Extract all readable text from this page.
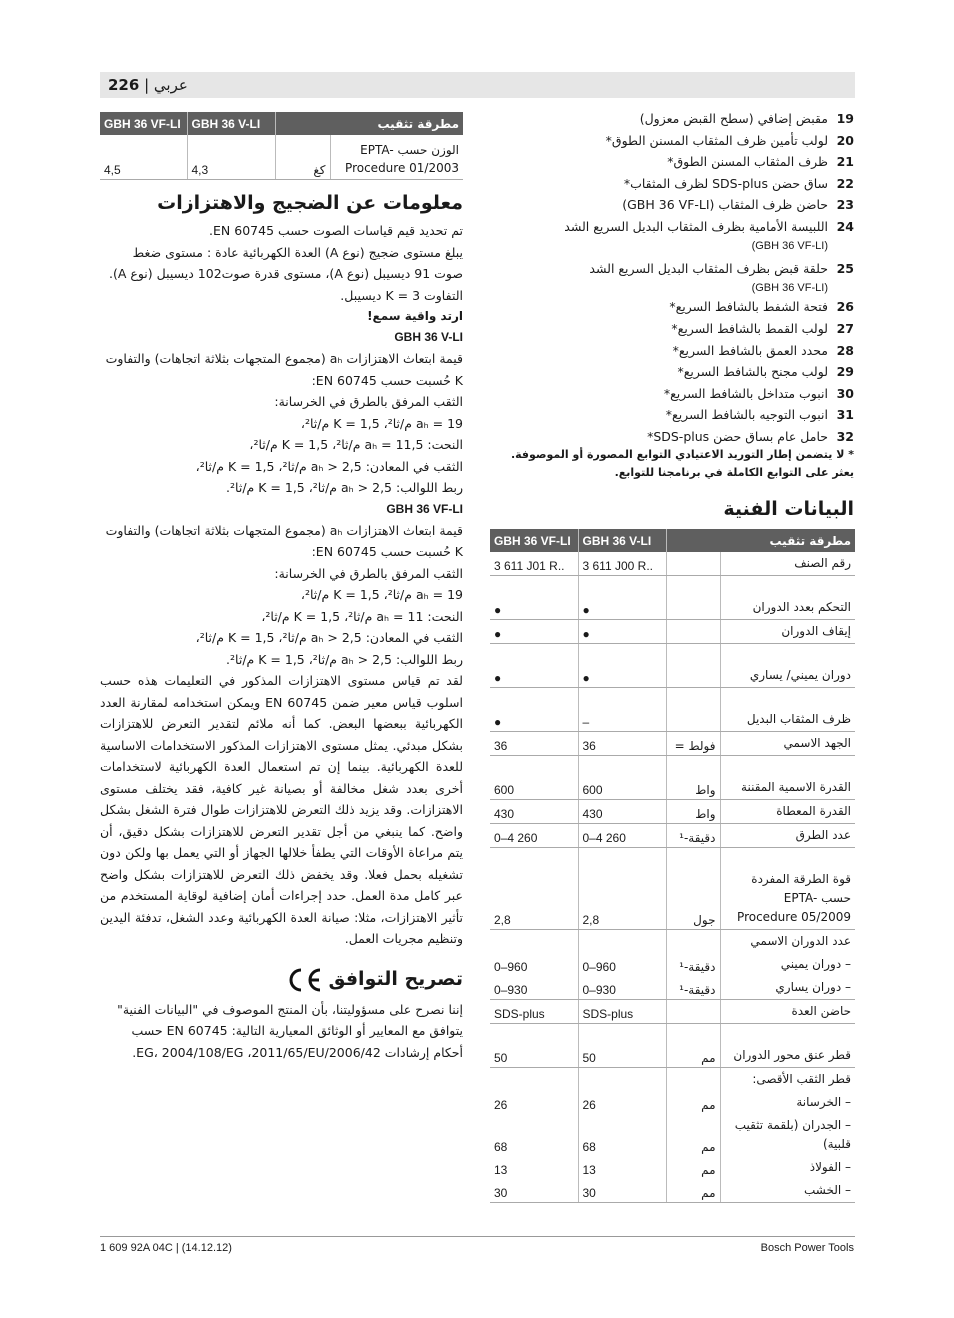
عربي | 226
GBH 36 VF-LI	GBH 36 V-LI	مطرقة تثقيب	
4,5	4,3	كغ	الوزن حسب EPTA-Procedure 01/2003
معلومات عن الضجيج والاهتزازات

تم تحديد قيم قياسات الصوت حسب EN 60745.

يبلغ مستوى ضجيج (نوع A) العدة الكهربائية عادة : مستوى ضغط صوت 91 ديسيبل (نوع A)، مستوى قدرة صوت102 ديسيبل (نوع A). التفاوت K = 3 ديسيبل.

ارتد واقية سمع!
GBH 36 V-LI

قيمة ابتعاث الاهتزازات aₕ (مجموع المتجهات بثلاثة اتجاهات) والتفاوت K حُسبت حسب EN 60745:

الثقب المرفق بالطرق في الخرسانة:

aₕ = 19 م/ثا²، K = 1,5 م/ثا²،

النحت: aₕ = 11,5 م/ثا²، K = 1,5 م/ثا²،

الثقب في المعادن: aₕ > 2,5 م/ثا²، K = 1,5 م/ثا²،

ربط اللوالب: aₕ > 2,5 م/ثا²، K = 1,5 م/ثا².

GBH 36 VF-LI

قيمة ابتعاث الاهتزازات aₕ (مجموع المتجهات بثلاثة اتجاهات) والتفاوت K حُسبت حسب EN 60745:

الثقب المرفق بالطرق في الخرسانة:

aₕ = 19 م/ثا²، K = 1,5 م/ثا²،

النحت: aₕ = 11 م/ثا²، K = 1,5 م/ثا²،

الثقب في المعادن: aₕ > 2,5 م/ثا²، K = 1,5 م/ثا²،

ربط اللوالب: aₕ > 2,5 م/ثا²، K = 1,5 م/ثا².

لقد تم قياس مستوى الاهتزازات المذكور في التعليمات هذه حسب اسلوب قياس معير ضمن EN 60745 ويمكن استخدامه لمقارنة العدد الكهربائية ببعضها البعض. كما أنه ملائم لتقدير التعرض للاهتزازات بشكل مبدئي. يمثل مستوى الاهتزازات المذكور الاستخدامات الاساسية للعدة الكهربائية. بينما إن تم استعمال العدة الكهربائية لاستخدامات أخرى بعدد شغل مخالفة أو بصيانة غير كافية، فقد يختلف مستوى الاهتزازات. وقد يزيد ذلك التعرض للاهتزازات طوال فترة الشغل بشكل واضح. كما ينبغي من أجل تقدير التعرض للاهتزازات بشكل دقيق، أن يتم مراعاة الأوقات التي يطفأ خلالها الجهاز أو التي يعمل بها ولكن دون تشغيله بحمل فعلا. وقد يخفض ذلك التعرض للاهتزازات بشكل واضح عبر كامل مدة العمل. حدد إجراءات أمان إضافية لوقاية المستخدم من تأثير الاهتزازات، مثلا: صيانة العدة الكهربائية وعدد الشغل، تدفئة اليدين وتنظيم مجريات العمل.

تصريح التوافق

إننا نصرح على مسؤوليتنا، بأن المنتج الموصوف في "البيانات الفنية" يتوافق مع المعايير أو الوثائق المعيارية التالية: EN 60745 حسب أحكام إرشادات 2006/42/EG، 2004/108/EG ،2011/65/EU.

19مقبض إضافي (سطح القبض معزول)
20لولب تأمين ظرف المثقاب المسنن الطوق*
21ظرف المثقاب المسنن الطوق*
22ساق حضن SDS-plus لظرف المثقاب*
23حاضن ظرف المثقاب (GBH 36 VF-LI)
24اللبيسة الأمامية بظرف المثقاب البديل السريع الشد
(GBH 36 VF-LI)
25حلقة قبض بظرف المثقاب البديل السريع الشد
(GBH 36 VF-LI)
26فتحة الشفط بالشافط السريع*
27لولب القمط بالشافط السريع*
28محدد العمق بالشافط السريع*
29لولب مجنح بالشافط السريع*
30انبوب متداخل بالشافط السريع*
31انبوب التوجيه بالشافط السريع*
32حامل عام بساق حضن SDS-plus*
* لا يتضمن إطار التوريد الاعتيادي التوابع المصورة أو الموصوفة. يعثر على التوابع الكاملة في برنامجنا للتوابع.
البيانات الفنية
GBH 36 VF-LI	GBH 36 V-LI	مطرقة تثقيب	
3 611 J01 R..	3 611 J00 R..		رقم الصنف
●	●		التحكم بعدد الدوران
●	●		إيقاف الدوران
●	●		دوران يميني/ يساري
●	–		ظرف المثقاب البديل
36	36	فولط =	الجهد الاسمي
600	600	واط	القدرة الاسمية المقننة
430	430	واط	القدرة المعطاة
0–4 260	0–4 260	دقيقة-¹	عدد الطرق
2,8	2,8	جول	قوة الطرقة المفردة حسب EPTA-Procedure 05/2009
			عدد الدوران الاسمي
0–960	0–960	دقيقة-¹	– دوران يميني
0–930	0–930	دقيقة-¹	– دوران يساري
SDS-plus	SDS-plus		حاضن العدة
50	50	مم	قطر عنق محور الدوران
			قطر الثقب الأقصى:
26	26	مم	– الخرسانة
68	68	مم	– الجدران (بلقمة تثقيب قلبية)
13	13	مم	– الفولاذ
30	30	مم	– الخشب
1 609 92A 04C | (14.12.12)	Bosch Power Tools
